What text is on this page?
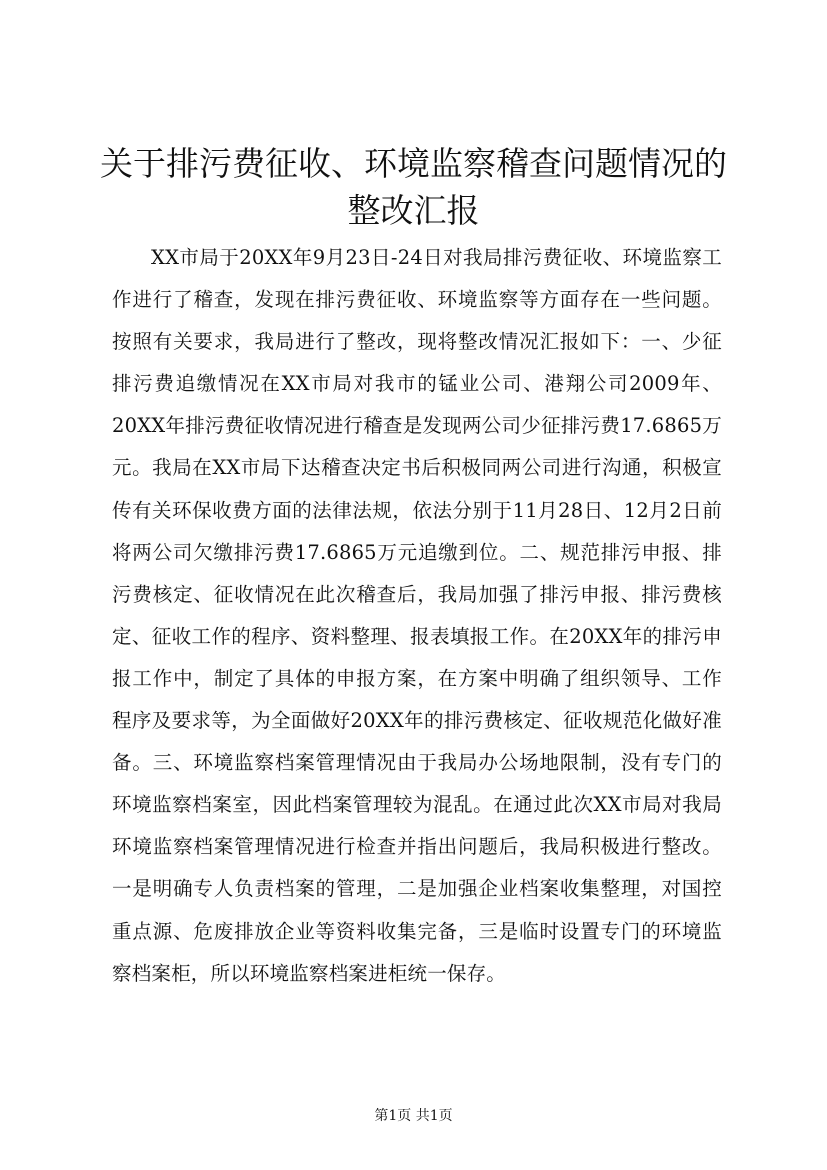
关于排污费征收、环境监察稽查问题情况的整改汇报

XX市局于20XX年9月23日-24日对我局排污费征收、环境监察工作进行了稽查，发现在排污费征收、环境监察等方面存在一些问题。按照有关要求，我局进行了整改，现将整改情况汇报如下：一、少征排污费追缴情况在XX市局对我市的锰业公司、港翔公司2009年、20XX年排污费征收情况进行稽查是发现两公司少征排污费17.6865万元。我局在XX市局下达稽查决定书后积极同两公司进行沟通，积极宣传有关环保收费方面的法律法规，依法分别于11月28日、12月2日前将两公司欠缴排污费17.6865万元追缴到位。二、规范排污申报、排污费核定、征收情况在此次稽查后，我局加强了排污申报、排污费核定、征收工作的程序、资料整理、报表填报工作。在20XX年的排污申报工作中，制定了具体的申报方案，在方案中明确了组织领导、工作程序及要求等，为全面做好20XX年的排污费核定、征收规范化做好准备。三、环境监察档案管理情况由于我局办公场地限制，没有专门的环境监察档案室，因此档案管理较为混乱。在通过此次XX市局对我局环境监察档案管理情况进行检查并指出问题后，我局积极进行整改。一是明确专人负责档案的管理，二是加强企业档案收集整理，对国控重点源、危废排放企业等资料收集完备，三是临时设置专门的环境监察档案柜，所以环境监察档案进柜统一保存。

第1页 共1页
